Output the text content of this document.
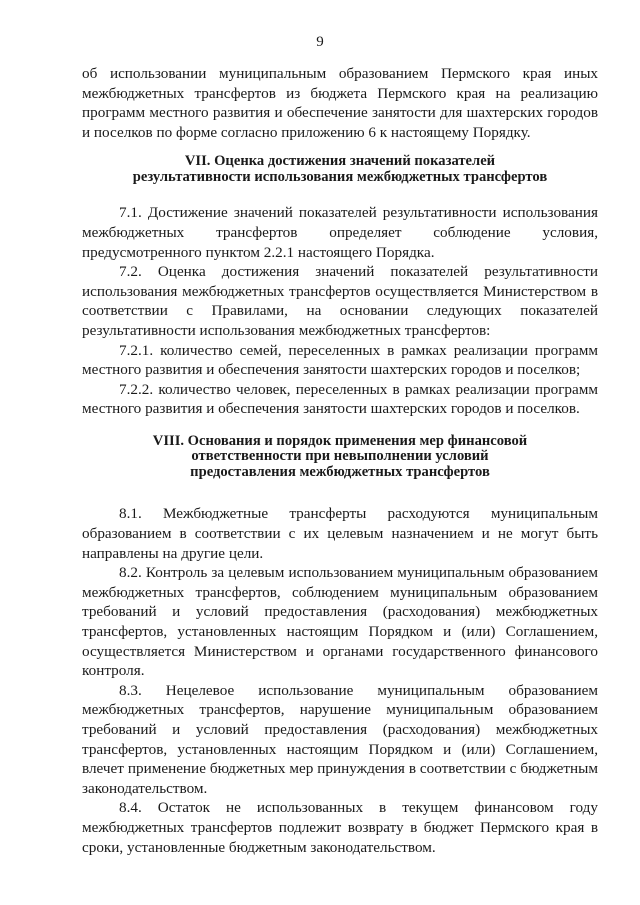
9

об использовании муниципальным образованием Пермского края иных межбюджетных трансфертов из бюджета Пермского края на реализацию программ местного развития и обеспечение занятости для шахтерских городов и поселков по форме согласно приложению 6 к настоящему Порядку.

VII. Оценка достижения значений показателей
результативности использования межбюджетных трансфертов

7.1. Достижение значений показателей результативности использования межбюджетных трансфертов определяет соблюдение условия, предусмотренного пунктом 2.2.1 настоящего Порядка.

7.2. Оценка достижения значений показателей результативности использования межбюджетных трансфертов осуществляется Министерством в соответствии с Правилами, на основании следующих показателей результативности использования межбюджетных трансфертов:

7.2.1. количество семей, переселенных в рамках реализации программ местного развития и обеспечения занятости шахтерских городов и поселков;

7.2.2. количество человек, переселенных в рамках реализации программ местного развития и обеспечения занятости шахтерских городов и поселков.

VIII. Основания и порядок применения мер финансовой
ответственности при невыполнении условий
предоставления межбюджетных трансфертов

8.1. Межбюджетные трансферты расходуются муниципальным образованием в соответствии с их целевым назначением и не могут быть направлены на другие цели.

8.2. Контроль за целевым использованием муниципальным образованием межбюджетных трансфертов, соблюдением муниципальным образованием требований и условий предоставления (расходования) межбюджетных трансфертов, установленных настоящим Порядком и (или) Соглашением, осуществляется Министерством и органами государственного финансового контроля.

8.3. Нецелевое использование муниципальным образованием межбюджетных трансфертов, нарушение муниципальным образованием требований и условий предоставления (расходования) межбюджетных трансфертов, установленных настоящим Порядком и (или) Соглашением, влечет применение бюджетных мер принуждения в соответствии с бюджетным законодательством.

8.4. Остаток не использованных в текущем финансовом году межбюджетных трансфертов подлежит возврату в бюджет Пермского края в сроки, установленные бюджетным законодательством.
